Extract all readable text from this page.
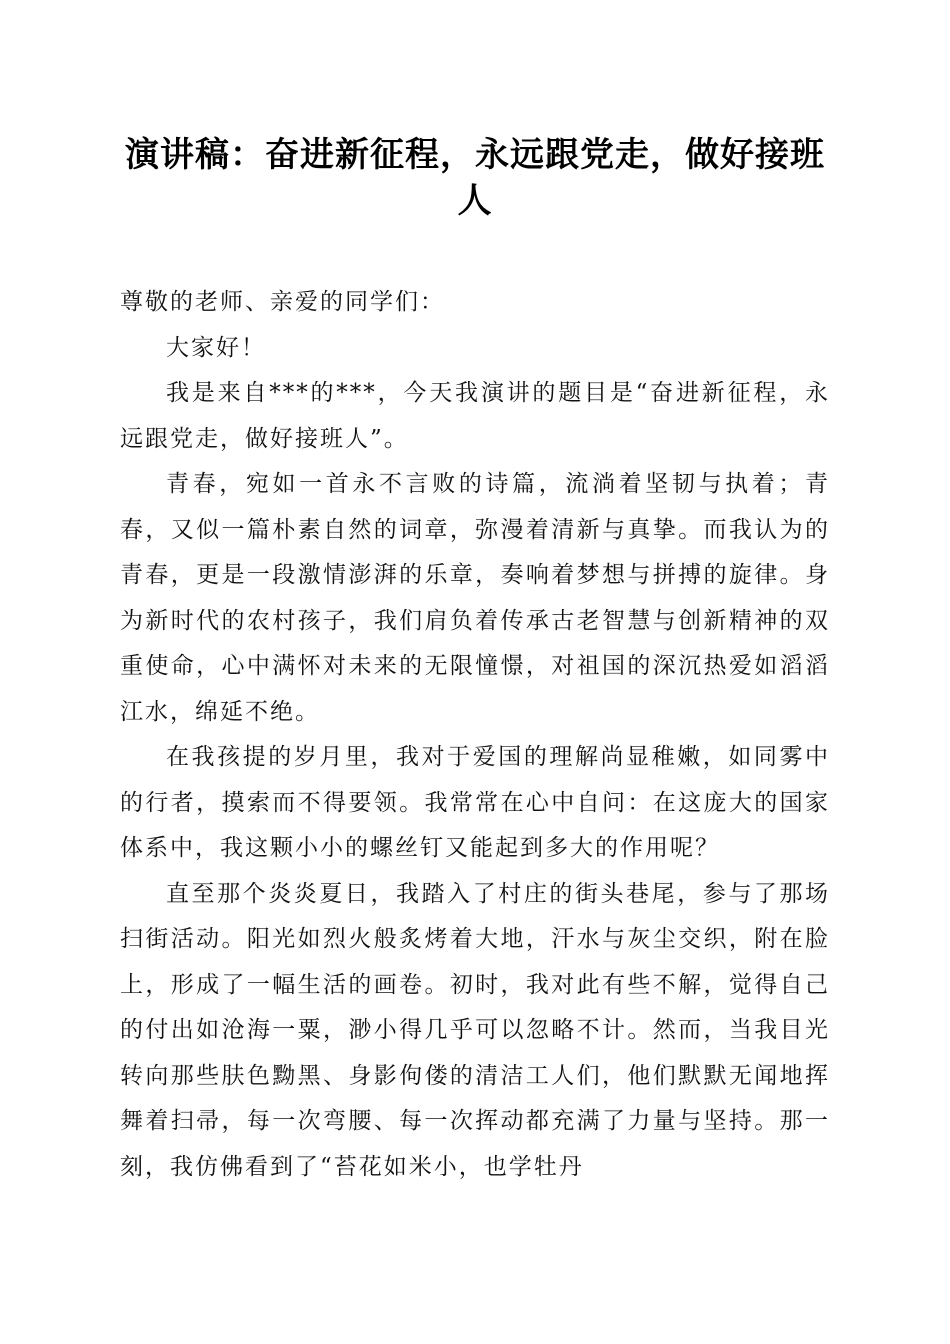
演讲稿：奋进新征程，永远跟党走，做好接班人

尊敬的老师、亲爱的同学们：

大家好！

我是来自***的***，今天我演讲的题目是“奋进新征程，永远跟党走，做好接班人”。

青春，宛如一首永不言败的诗篇，流淌着坚韧与执着；青春，又似一篇朴素自然的词章，弥漫着清新与真挚。而我认为的青春，更是一段激情澎湃的乐章，奏响着梦想与拼搏的旋律。身为新时代的农村孩子，我们肩负着传承古老智慧与创新精神的双重使命，心中满怀对未来的无限憧憬，对祖国的深沉热爱如滔滔江水，绵延不绝。

在我孩提的岁月里，我对于爱国的理解尚显稚嫩，如同雾中的行者，摸索而不得要领。我常常在心中自问：在这庞大的国家体系中，我这颗小小的螺丝钉又能起到多大的作用呢？

直至那个炎炎夏日，我踏入了村庄的街头巷尾，参与了那场扫街活动。阳光如烈火般炙烤着大地，汗水与灰尘交织，附在脸上，形成了一幅生活的画卷。初时，我对此有些不解，觉得自己的付出如沧海一粟，渺小得几乎可以忽略不计。然而，当我目光转向那些肤色黝黑、身影佝偻的清洁工人们，他们默默无闻地挥舞着扫帚，每一次弯腰、每一次挥动都充满了力量与坚持。那一刻，我仿佛看到了“苔花如米小，也学牡丹
